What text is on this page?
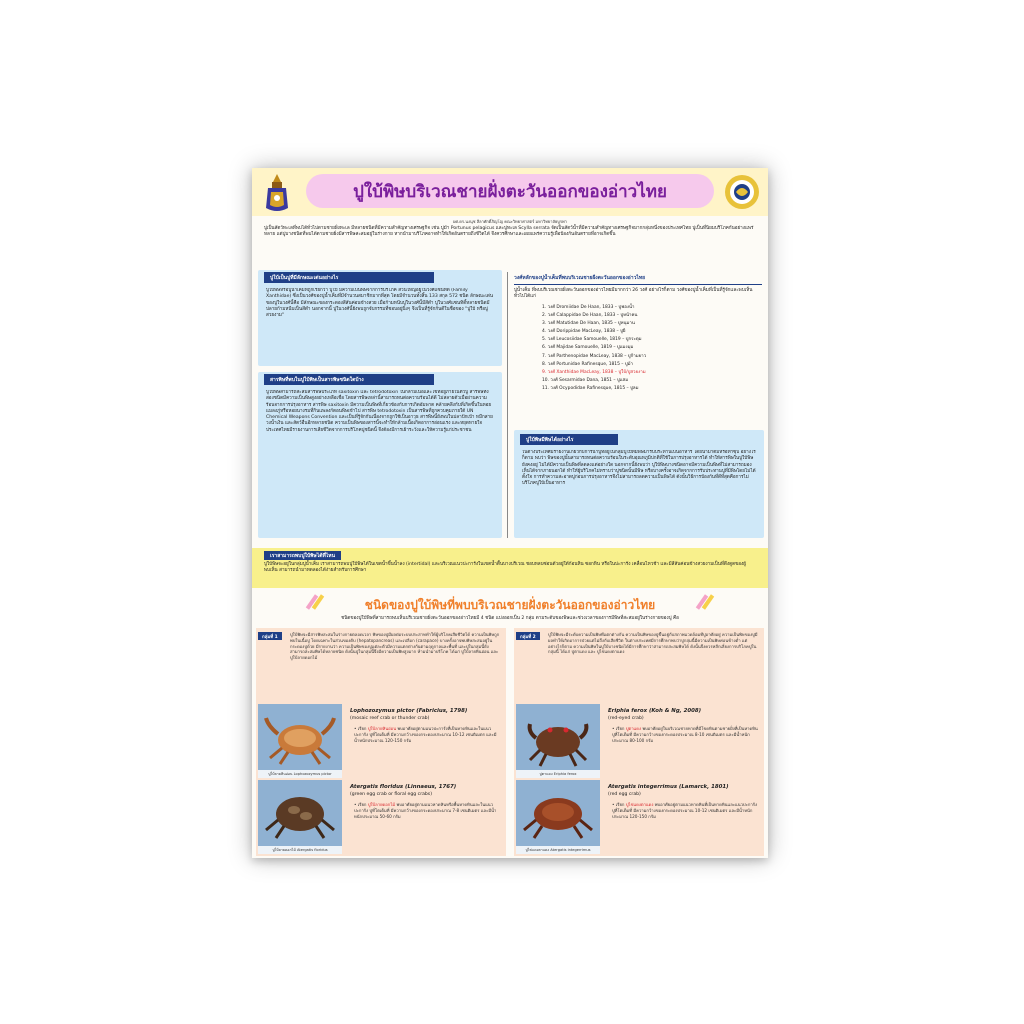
ปูใบ้พิษบริเวณชายฝั่งตะวันออกของอ่าวไทย
ผศ.ดร.นงนุช ลีลาศักดิ์ภิญโญ คณะวิทยาศาสตร์ มหาวิทยาลัยบูรพา
ปูเป็นสัตว์ทะเลที่พบได้ทั่วไปตามชายฝั่งทะเล มีหลายชนิดที่มีความสำคัญทางเศรษฐกิจ เช่น ปูม้า Portunus pelagicus และปูทะเล Scylla serrata จัดเป็นสัตว์น้ำที่มีความสำคัญทางเศรษฐกิจมากกลุ่มหนึ่งของประเทศไทย ปูเป็นที่นิยมบริโภคกันอย่างแพร่หลาย แต่ปูบางชนิดที่พบได้ตามชายฝั่งมีสารพิษสะสมอยู่ในร่างกาย หากนำมาบริโภคอาจทำให้เกิดอันตรายถึงชีวิตได้ จึงควรศึกษาและเผยแพร่ความรู้เพื่อป้องกันอันตรายที่อาจเกิดขึ้น
ปูใบ้เป็นปูที่มีลักษณะเด่นอย่างไร
ปูใบ้พิษหรือปูน้ำเค็มที่ถูกเรียกว่า ปูใบ้ มีความเป็นพิษจากการบริโภค ส่วนใหญ่อยู่ในวงศ์แซนทิดี้ (Family Xanthidae) ซึ่งเป็นวงศ์ของปูน้ำเค็มที่มีจำนวนสมาชิกมากที่สุด โดยมีจำนวนทั้งสิ้น 133 สกุล 572 ชนิด ลักษณะเด่นของปูในวงศ์นี้คือ มีลักษณะของกระดองสีสันค่อนข้างสวย เมื่อก้ามหนีบปูในวงศ์นี้มีสีดำ ปูในวงศ์แซนทิดี้หลายชนิดมีปลายก้ามหนีบเป็นสีดำ นอกจากนี้ ปูในวงศ์นี้ยังพบถูกจับกรรมที่ชอบอยู่นิ่งๆ จึงเป็นที่รู้จักกันดีในชื่อของ "ปูใบ้ หรือปูสวยงาม"
สารพิษที่พบในปูใบ้พิษเป็นสารพิษชนิดใดบ้าง
ปูใบ้พิษสามารถสะสมสารพิษประเภท saxitoxin และ tetrodotoxin ในกล้ามเนื้อและไข่ที่อยู่ภายในตัวปู สารพิษทั้งสองชนิดมีความเป็นพิษสูงอย่างเหลือเชื่อ โดยสารพิษเหล่านี้สามารถทนต่อความร้อนได้ดี ไม่สลายตัวเมื่อผ่านความร้อนจากการปรุงอาหาร สารพิษ saxitoxin มีความเป็นพิษที่เกี่ยวข้องกับการเกิดอัมพาต คล้ายคลึงกับที่เกิดขึ้นในหอยแมลงภู่หรือหอยนางรมที่กินแพลงก์ตอนพิษเข้าไป สารพิษ tetrodotoxin เป็นสารพิษที่ถูกควบคุมภายใต้ UN Chemical Weapons Convention และเป็นที่รู้จักกันเนื่องจากถูกใช้เป็นอาวุธ สารพิษนี้ยังพบในปลาปักเป้า หมึกสายวงน้ำเงิน และสัตว์อื่นอีกหลายชนิด ความเป็นพิษของสารนี้จะทำให้กล้ามเนื้อเกิดอาการอ่อนแรง และหยุดหายใจ ประเทศไทยมีรายงานการเสียชีวิตจากการบริโภคปูชนิดนี้ จึงต้องมีการเฝ้าระวังและให้ความรู้แก่ประชาชน
วงศ์หลักของปูน้ำเค็มที่พบบริเวณชายฝั่งตะวันออกของอ่าวไทย
ปูน้ำเค็ม ที่พบบริเวณชายฝั่งตะวันออกของอ่าวไทยมีมากกว่า 26 วงศ์ อย่างไรก็ตาม วงศ์ของปูน้ำเค็มที่เป็นที่รู้จักและพบเห็นทั่วไปได้แก่
1. วงศ์ Dromiidae De Haan, 1833 – ปูฟองน้ำ
2. วงศ์ Calappidae De Haan, 1833 – ปูหน้าคน
3. วงศ์ Matutidae De Haan, 1835 – ปูหนุมาน
4. วงศ์ Dorippidae MacLeay, 1838 – ปูผี
5. วงศ์ Leucosiidae Samouelle, 1819 – ปูกระดุม
6. วงศ์ Majidae Samouelle, 1819 – ปูแมงมุม
7. วงศ์ Parthenopidae MacLeay, 1838 – ปูก้ามยาว
8. วงศ์ Portunidae Rafinesque, 1815 – ปูม้า
9. วงศ์ Xanthidae MacLeay, 1838 – ปูใบ้/ปูสวยงาม
10. วงศ์ Sesarmidae Dana, 1851 – ปูแสม
11. วงศ์ Ocypodidae Rafinesque, 1815 – ปูลม
ปูใบ้พิษมีพิษได้อย่างไร
ในต่างประเทศมีรายงานเกี่ยวกับการนำปูที่อยู่ในกลุ่มปูใบ้ที่มีพิษมารับประทานเป็นอาหาร โดยนำมาต้มหรือทำซุป อย่างไรก็ตาม พบว่า พิษของปูนั้นสามารถทนต่อความร้อนในระดับอุณหภูมิปกติที่ใช้ในการปรุงอาหารได้ ทำให้สารพิษในปูใบ้พิษยังคงอยู่ ไม่ได้มีความเป็นพิษที่ลดลงแต่อย่างใด นอกจากนี้ยังพบว่า ปูใบ้พิษบางชนิดอาจมีความเป็นพิษที่ไม่สามารถมองเห็นได้จากภายนอกได้ ทำให้ผู้บริโภคไม่ทราบว่าปูชนิดนั้นมีพิษ หรือบางครั้งอาจเกิดจากการรับประทานปูที่มีพิษโดยไม่ได้ตั้งใจ การทำความสะอาดปูก่อนการปรุงอาหารจึงไม่สามารถลดความเป็นพิษได้ ดังนั้นวิธีการป้องกันที่ดีที่สุดคือการไม่บริโภคปูใบ้เป็นอาหาร
เราสามารถพบปูใบ้พิษได้ที่ไหน
ปูใบ้พิษจะอยู่ในกลุ่มปูน้ำเค็ม เราสามารถพบปูใบ้พิษได้ในเขตน้ำขึ้นน้ำลง (intertidal) และบริเวณแนวปะการังในเขตน้ำตื้นบางบริเวณ ชอบหลบซ่อนตัวอยู่ใต้ก้อนหิน ซอกหิน หรือในปะการัง เคลื่อนไหวช้า และมีสีสันค่อนข้างสวยงามเป็นที่ดึงดูดของผู้พบเห็น สามารถนำมาทดลองได้ง่ายสำหรับการศึกษา
ชนิดของปูใบ้พิษที่พบบริเวณชายฝั่งตะวันออกของอ่าวไทย
ชนิดของปูใบ้พิษที่สามารถพบเห็นบริเวณชายฝั่งตะวันออกของอ่าวไทยมี 4 ชนิด แบ่งออกเป็น 2 กลุ่ม ตามระดับของพิษและช่วงเวลาของการมีพิษที่สะสมอยู่ในร่างกายของปู คือ
กลุ่มที่ 1	ปูใบ้พิษจะมีสารพิษสะสมในร่างกายตลอดเวลา พิษของปูมีผลต่อระบบประสาททำให้ผู้บริโภคเสียชีวิตได้ ความเป็นพิษถูกพบในเนื้อปู โดยเฉพาะในส่วนของตับ (hepatopancreas) และเปลือก (carapace) บางครั้งอาจพบพิษสะสมอยู่ในกระดองปูด้วย มีรายงานว่า ความเป็นพิษของปูแต่ละตัวมีความแตกต่างกันตามฤดูกาลและพื้นที่ และปูในกลุ่มนี้ยังสามารถสะสมพิษได้หลายชนิด ดังนั้นปูในกลุ่มนี้จึงมีความเป็นพิษสูงมาก ห้ามนำมาบริโภค ได้แก่ ปูใบ้ลายหินอ่อน และ ปูใบ้ลายดอกไม้
ปูใบ้ลายหินอ่อน Lophozozymus pictor
Lophozozymus pictor (Fabricius, 1798)
(mosaic reef crab or thunder crab)
• เรียก ปูใบ้ลายหินอ่อน พบอาศัยอยู่ตามแนวปะการังที่เป็นหาดหินและในแนวปะการัง ปูที่โตเต็มที่ มีความกว้างของกระดองประมาณ 10-12 เซนติเมตร และมีน้ำหนักประมาณ 120-150 กรัม
ปูใบ้ลายดอกไม้ Atergatis floridus
Atergatis floridus (Linnaeus, 1767)
(green egg crab or floral egg crabs)
• เรียก ปูใบ้ลายดอกไม้ พบอาศัยอยู่ตามแนวหาดหินหรือพื้นหาดหินและในแนวปะการัง ปูที่โตเต็มที่ มีความกว้างของกระดองประมาณ 7-8 เซนติเมตร และมีน้ำหนักประมาณ 50-60 กรัม
กลุ่มที่ 2	ปูใบ้พิษจะมีระดับความเป็นพิษที่แตกต่างกัน ความเป็นพิษของปูขึ้นอยู่กับสภาพแวดล้อมที่ปูอาศัยอยู่ ความเป็นพิษของปูมีผลทำให้เกิดอาการป่วยแต่ไม่ถึงกับเสียชีวิต ในต่างประเทศมีการศึกษาพบว่าปูกลุ่มนี้มีความเป็นพิษค่อนข้างต่ำ แต่อย่างไรก็ตาม ความเป็นพิษในปูใบ้บางชนิดได้มีการศึกษาว่าสามารถสะสมพิษได้ ดังนั้นจึงควรหลีกเลี่ยงการบริโภคปูในกลุ่มนี้ ได้แก่ ปูตาแดง และ ปูไข่แดงตาแดง
ปูตาแดง Eriphia ferox
Eriphia ferox (Koh & Ng, 2008)
(red-eyed crab)
• เรียก ปูตาแดง พบอาศัยอยู่ในบริเวณชายหาดที่มีโขดหินตามชายฝั่งที่เป็นหาดหิน ปูที่โตเต็มที่ มีความกว้างของกระดองประมาณ 8-10 เซนติเมตร และมีน้ำหนักประมาณ 80-100 กรัม
ปูไข่แดงตาแดง Atergatis integerrimus
Atergatis integerrimus (Lamarck, 1801)
(red egg crab)
• เรียก ปูไข่แดงตาแดง พบอาศัยอยู่ตามแนวหาดหินที่เป็นหาดหินและแนวปะการัง ปูที่โตเต็มที่ มีความกว้างของกระดองประมาณ 10-12 เซนติเมตร และมีน้ำหนักประมาณ 120-150 กรัม
